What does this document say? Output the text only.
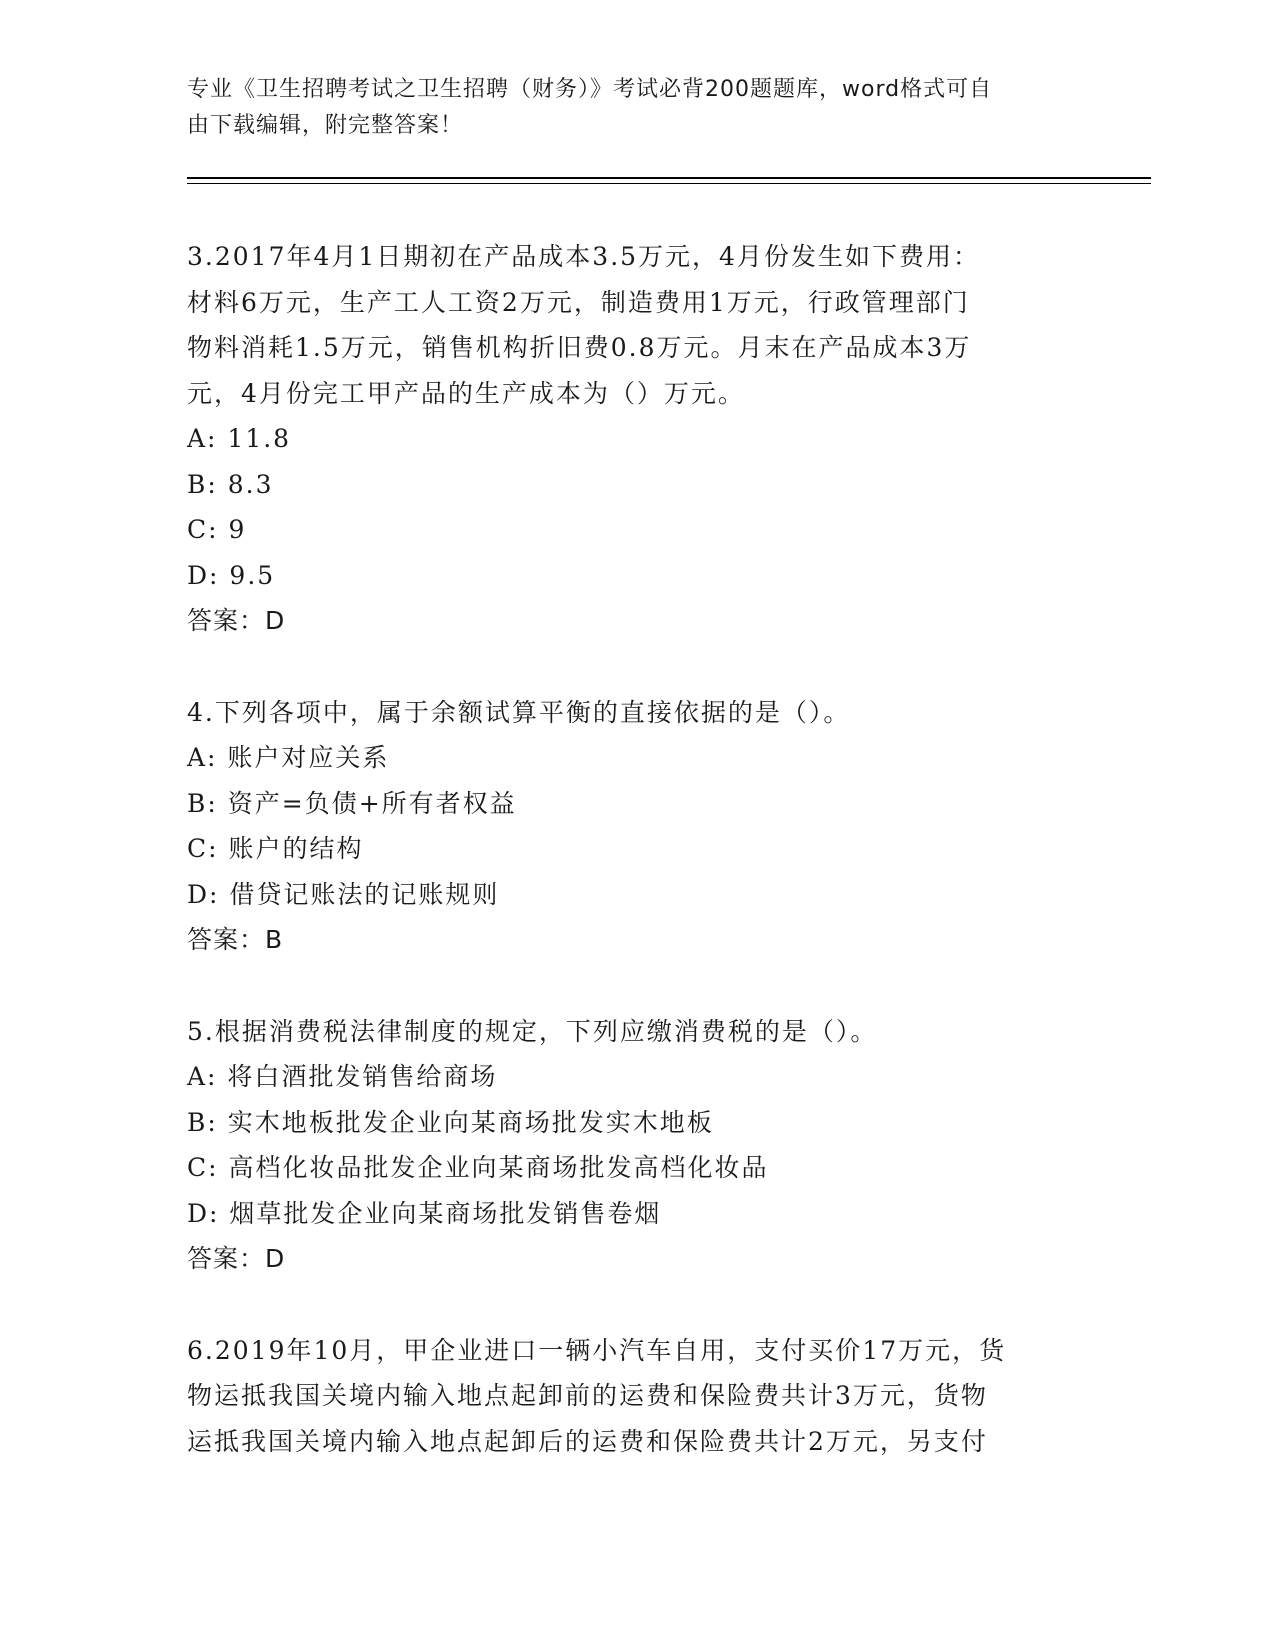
专业《卫生招聘考试之卫生招聘（财务）》考试必背200题题库，word格式可自
由下载编辑，附完整答案！
3.2017年4月1日期初在产品成本3.5万元，4月份发生如下费用：
材料6万元，生产工人工资2万元，制造费用1万元，行政管理部门
物料消耗1.5万元，销售机构折旧费0.8万元。月末在产品成本3万
元，4月份完工甲产品的生产成本为（）万元。
A: 11.8
B: 8.3
C: 9
D: 9.5
答案：D
4.下列各项中，属于余额试算平衡的直接依据的是（）。
A: 账户对应关系
B: 资产=负债+所有者权益
C: 账户的结构
D: 借贷记账法的记账规则
答案：B
5.根据消费税法律制度的规定，下列应缴消费税的是（）。
A: 将白酒批发销售给商场
B: 实木地板批发企业向某商场批发实木地板
C: 高档化妆品批发企业向某商场批发高档化妆品
D: 烟草批发企业向某商场批发销售卷烟
答案：D
6.2019年10月，甲企业进口一辆小汽车自用，支付买价17万元，货
物运抵我国关境内输入地点起卸前的运费和保险费共计3万元，货物
运抵我国关境内输入地点起卸后的运费和保险费共计2万元，另支付
